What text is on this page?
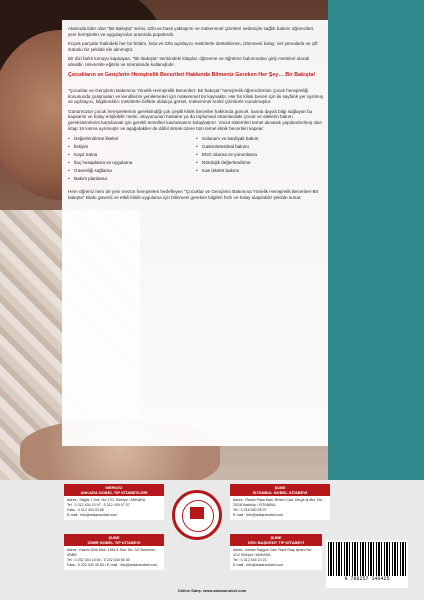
Alanında lider olan "Bir Bakışta" serisi, özlü ve basit yaklaşımı ve mükemmel çizimleri nedeniyle sağlık bakımı öğrencileri, yeni hemşireler ve uygulayıcılar arasında popülerdir.

Küçük parçalar halindeki her bir bölüm, kısa ve özlü açıklayıcı metinlerle desteklenen, izlenmesi kolay; net şemalarla ve çift sütunlu bir şekilde ele alınmıştır.

Bir dizi farklı konuyu kapsayan, "Bir Bakışta" serisindeki kitaplar, öğrenme ve öğretme bakımından giriş metinleri olarak idealdir, üniversite eğitimi ve sonrasında kullanışlıdır.

Çocukların ve Gençlerin Hemşirelik Becerileri Hakkında Bilmeniz Gereken Her Şey… Bir Bakışta!

"Çocuklar ve Gençlerin Bakımına Yönelik Hemşirelik Becerileri- Bir bakışta" hemşirelik öğrencilerinin çocuk hemşireliği konusunda çalışmaları ve kendilerini yenilemeleri için mükemmel bir kaynaktır. Her bir klinik beceri için iki sayfalık yer ayrılmış ve açıklayıcı, bilgilendirici metinlerle birlikte oldukça görsel, mükemmel renkli çizimlerle sunulmuştur.

Günümüzün çocuk hemşirelerinin gereksindiği çok çeşitli klinik beceriler hakkında güncel, kanıta dayalı bilgi sağlayan bu kapsamlı ve kolay erişilebilir metin, okuyucunun hastane ya da toplumsal ortamlardaki çocuk ve ailelerin bakım gereksinimlerini karşılamak için gerekli temelleri kavramasını kolaylaştırır. Vücut sistemleri temel alınarak yapılandırılmış olan kitap 16 kısma ayrılmıştır ve aşağıdakiler de dâhil olmak üzere tüm temel klinik becerileri kapsar:

• Değerlendirme ilkeleri
• İletişim
• Kayıt tutma
• İlaç hesaplama ve uygulama
• Güvenliği sağlama
• Bakım planlama
• Solunum ve kardiyak bakım
• Gastrointestinal bakımı
• EKG okuma ve yorumlama
• Nörolojik değerlendirme
• Kas iskelet bakımı

Hem öğrenci hem de yeni mezun hemşireleri hedefleyen "Çocuklar ve Gençlerin Bakımına Yönelik Hemşirelik Becerileri-Bir bakışta" kitabı güvenli ve etkili klinik uygulama için bilinmesi gereken bilgileri hızlı ve kolay ulaşılabilir şekilde sunar.

MERKEZ
ANKARA NOBEL TIP KİTABEVLERİ
Adres : Sağlık 1 Sok. No:17/C Sıhhiye / ANKARA
Tel : 0 312 434 10 97 - 0 312 434 07 07
Faks : 0 312 434 03 86
E-mail : info@ankaranobel.com
ŞUBE
İSTANBUL NOBEL KİTABEVİ
Adres : Rasim Paşa Mah. Rıhtım Cad. Derya İş Mrk. No: 20/18 Kadıköy / İSTANBUL
Tel : 0 216 550 09 07
E-mail : info@ankaranobel.com
ŞUBE
İZMİR NOBEL TIP KİTABEVİ
Adres : Kazım Dirik Mah. 1961/1 Sok. No: 3/2 Bornova / İZMİR
Tel : 0 232 343 15 50 - 0 232 343 60 30
Faks : 0 232 343 30 83 • E-mail : info@ankaranobel.com
ŞUBE
KRC BAŞKENT TIP KİTABEVİ
Adres : Adnan Saygun Cad. Rauf Oray İşhanı No: 4/12 Sıhhiye / ANKARA
Tel : 0 312 434 10 22
E-mail : info@ankaranobel.com
9 786257 146425
Online Satış: www.ankaranobel.com
